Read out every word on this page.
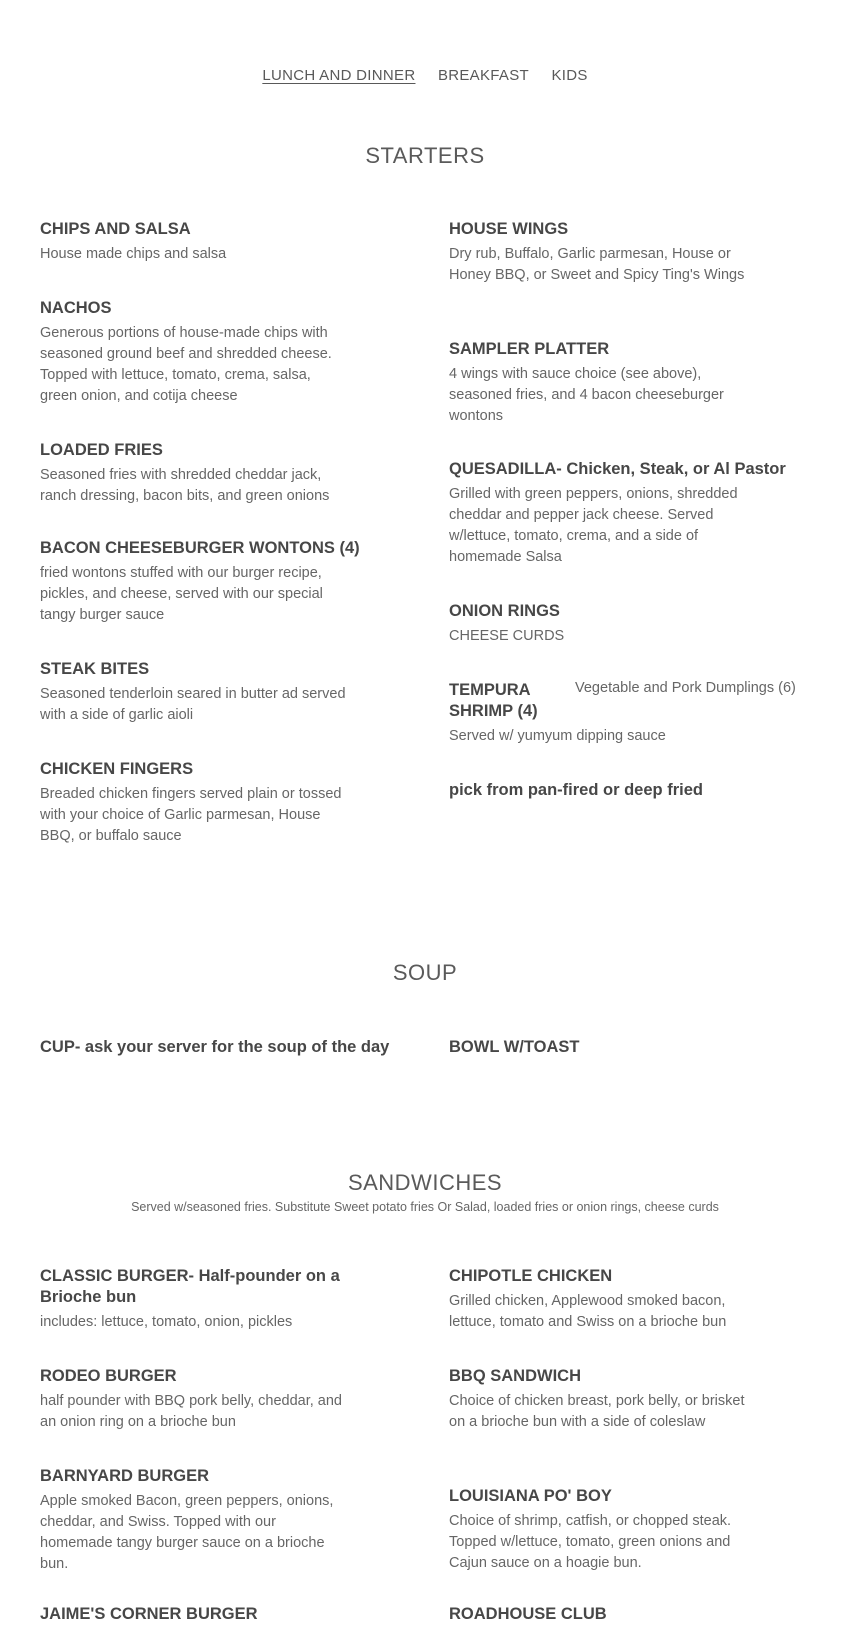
LUNCH AND DINNER BREAKFAST KIDS
STARTERS
CHIPS AND SALSA
House made chips and salsa
NACHOS
Generous portions of house-made chips with seasoned ground beef and shredded cheese. Topped with lettuce, tomato, crema, salsa, green onion, and cotija cheese
LOADED FRIES
Seasoned fries with shredded cheddar jack, ranch dressing, bacon bits, and green onions
BACON CHEESEBURGER WONTONS (4)
fried wontons stuffed with our burger recipe, pickles, and cheese, served with our special tangy burger sauce
STEAK BITES
Seasoned tenderloin seared in butter ad served with a side of garlic aioli
CHICKEN FINGERS
Breaded chicken fingers served plain or tossed with your choice of Garlic parmesan, House BBQ, or buffalo sauce
HOUSE WINGS
Dry rub, Buffalo, Garlic parmesan, House or Honey BBQ, or Sweet and Spicy Ting's Wings
SAMPLER PLATTER
4 wings with sauce choice (see above), seasoned fries, and 4 bacon cheeseburger wontons
QUESADILLA- Chicken, Steak, or Al Pastor
Grilled with green peppers, onions, shredded cheddar and pepper jack cheese. Served w/lettuce, tomato, crema, and a side of homemade Salsa
ONION RINGS
CHEESE CURDS
TEMPURA SHRIMP (4)
Vegetable and Pork Dumplings (6)
Served w/ yumyum dipping sauce
pick from pan-fired or deep fried
SOUP
CUP- ask your server for the soup of the day	BOWL W/TOAST
SANDWICHES
Served w/seasoned fries. Substitute Sweet potato fries Or Salad, loaded fries or onion rings, cheese curds
CLASSIC BURGER- Half-pounder on a Brioche bun
includes: lettuce, tomato, onion, pickles
RODEO BURGER
half pounder with BBQ pork belly, cheddar, and an onion ring on a brioche bun
BARNYARD BURGER
Apple smoked Bacon, green peppers, onions, cheddar, and Swiss. Topped with our homemade tangy burger sauce on a brioche bun.
JAIME'S CORNER BURGER
CHIPOTLE CHICKEN
Grilled chicken, Applewood smoked bacon, lettuce, tomato and Swiss on a brioche bun
BBQ SANDWICH
Choice of chicken breast, pork belly, or brisket on a brioche bun with a side of coleslaw
LOUISIANA PO' BOY
Choice of shrimp, catfish, or chopped steak. Topped w/lettuce, tomato, green onions and Cajun sauce on a hoagie bun.
ROADHOUSE CLUB
